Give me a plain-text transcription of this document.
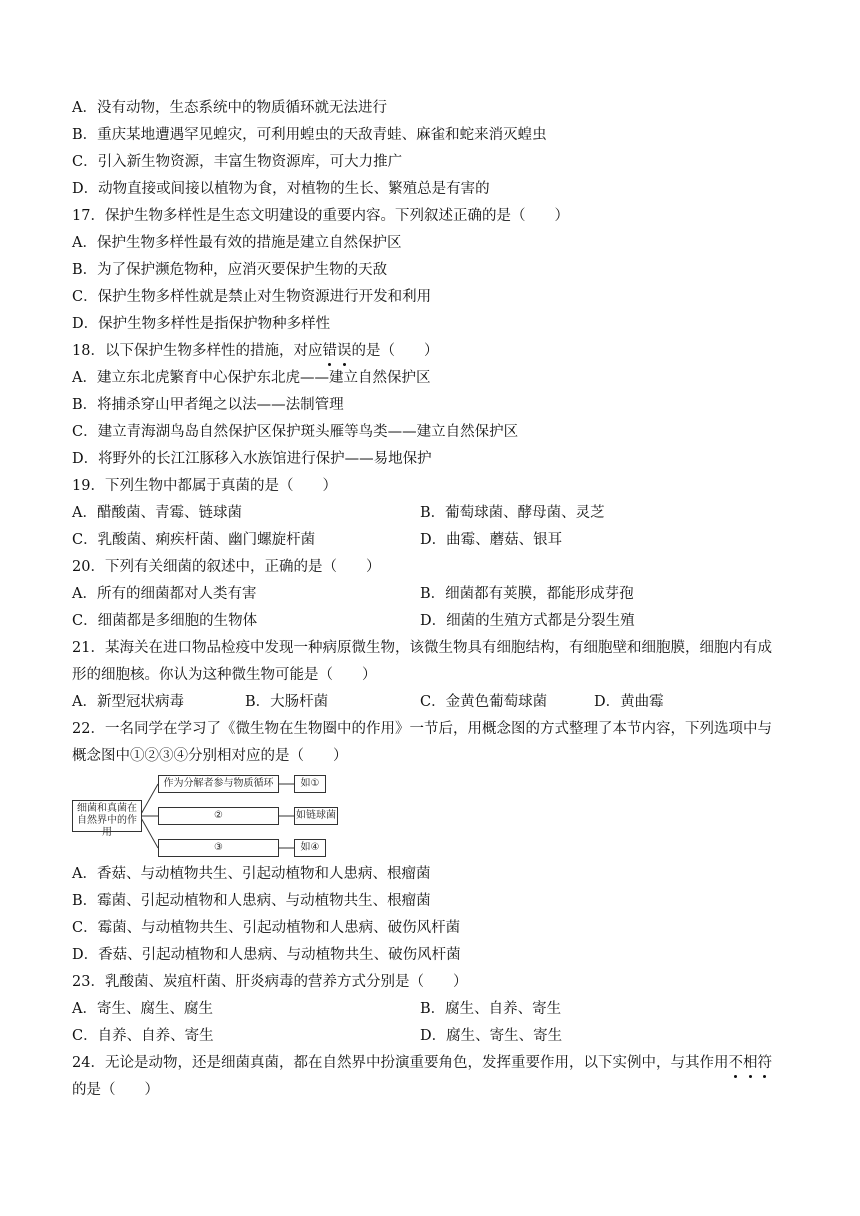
A．没有动物，生态系统中的物质循环就无法进行
B．重庆某地遭遇罕见蝗灾，可利用蝗虫的天敌青蛙、麻雀和蛇来消灭蝗虫
C．引入新生物资源，丰富生物资源库，可大力推广
D．动物直接或间接以植物为食，对植物的生长、繁殖总是有害的
17．保护生物多样性是生态文明建设的重要内容。下列叙述正确的是（　　）
A．保护生物多样性最有效的措施是建立自然保护区
B．为了保护濒危物种，应消灭要保护生物的天敌
C．保护生物多样性就是禁止对生物资源进行开发和利用
D．保护生物多样性是指保护物种多样性
18．以下保护生物多样性的措施，对应错误的是（　　）
A．建立东北虎繁育中心保护东北虎——建立自然保护区
B．将捕杀穿山甲者绳之以法——法制管理
C．建立青海湖鸟岛自然保护区保护斑头雁等鸟类——建立自然保护区
D．将野外的长江江豚移入水族馆进行保护——易地保护
19．下列生物中都属于真菌的是（　　）
A．醋酸菌、青霉、链球菌	B．葡萄球菌、酵母菌、灵芝
C．乳酸菌、痢疾杆菌、幽门螺旋杆菌	D．曲霉、蘑菇、银耳
20．下列有关细菌的叙述中，正确的是（　　）
A．所有的细菌都对人类有害	B．细菌都有荚膜，都能形成芽孢
C．细菌都是多细胞的生物体	D．细菌的生殖方式都是分裂生殖
21．某海关在进口物品检疫中发现一种病原微生物，该微生物具有细胞结构，有细胞壁和细胞膜，细胞内有成
形的细胞核。你认为这种微生物可能是（　　）
A．新型冠状病毒	B．大肠杆菌	C．金黄色葡萄球菌	D．黄曲霉
22．一名同学在学习了《微生物在生物圈中的作用》一节后，用概念图的方式整理了本节内容，下列选项中与
概念图中①②③④分别相对应的是（　　）
细菌和真菌在
自然界中的作用
作为分解者参与物质循环
②
③
如①
如链球菌
如④
A．香菇、与动植物共生、引起动植物和人患病、根瘤菌
B．霉菌、引起动植物和人患病、与动植物共生、根瘤菌
C．霉菌、与动植物共生、引起动植物和人患病、破伤风杆菌
D．香菇、引起动植物和人患病、与动植物共生、破伤风杆菌
23．乳酸菌、炭疽杆菌、肝炎病毒的营养方式分别是（　　）
A．寄生、腐生、腐生	B．腐生、自养、寄生
C．自养、自养、寄生	D．腐生、寄生、寄生
24．无论是动物，还是细菌真菌，都在自然界中扮演重要角色，发挥重要作用，以下实例中，与其作用不相符
的是（　　）
